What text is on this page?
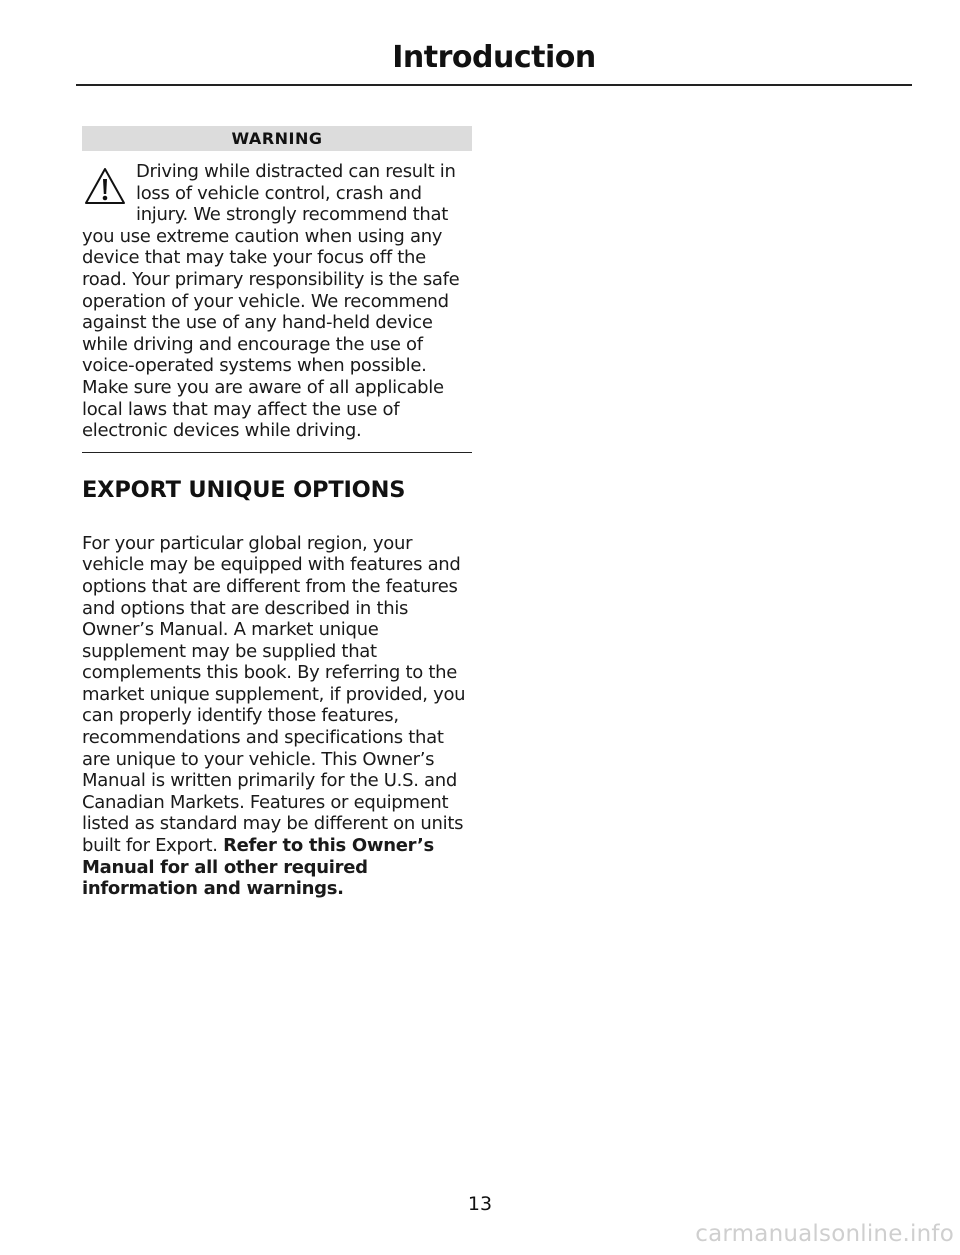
Introduction
WARNING
Driving while distracted can result in loss of vehicle control, crash and injury. We strongly recommend that you use extreme caution when using any device that may take your focus off the road. Your primary responsibility is the safe operation of your vehicle. We recommend against the use of any hand-held device while driving and encourage the use of voice-operated systems when possible. Make sure you are aware of all applicable local laws that may affect the use of electronic devices while driving.
EXPORT UNIQUE OPTIONS
For your particular global region, your vehicle may be equipped with features and options that are different from the features and options that are described in this Owner’s Manual. A market unique supplement may be supplied that complements this book. By referring to the market unique supplement, if provided, you can properly identify those features, recommendations and specifications that are unique to your vehicle. This Owner’s Manual is written primarily for the U.S. and Canadian Markets. Features or equipment listed as standard may be different on units built for Export. Refer to this Owner’s Manual for all other required information and warnings.
13
carmanualsonline.info
